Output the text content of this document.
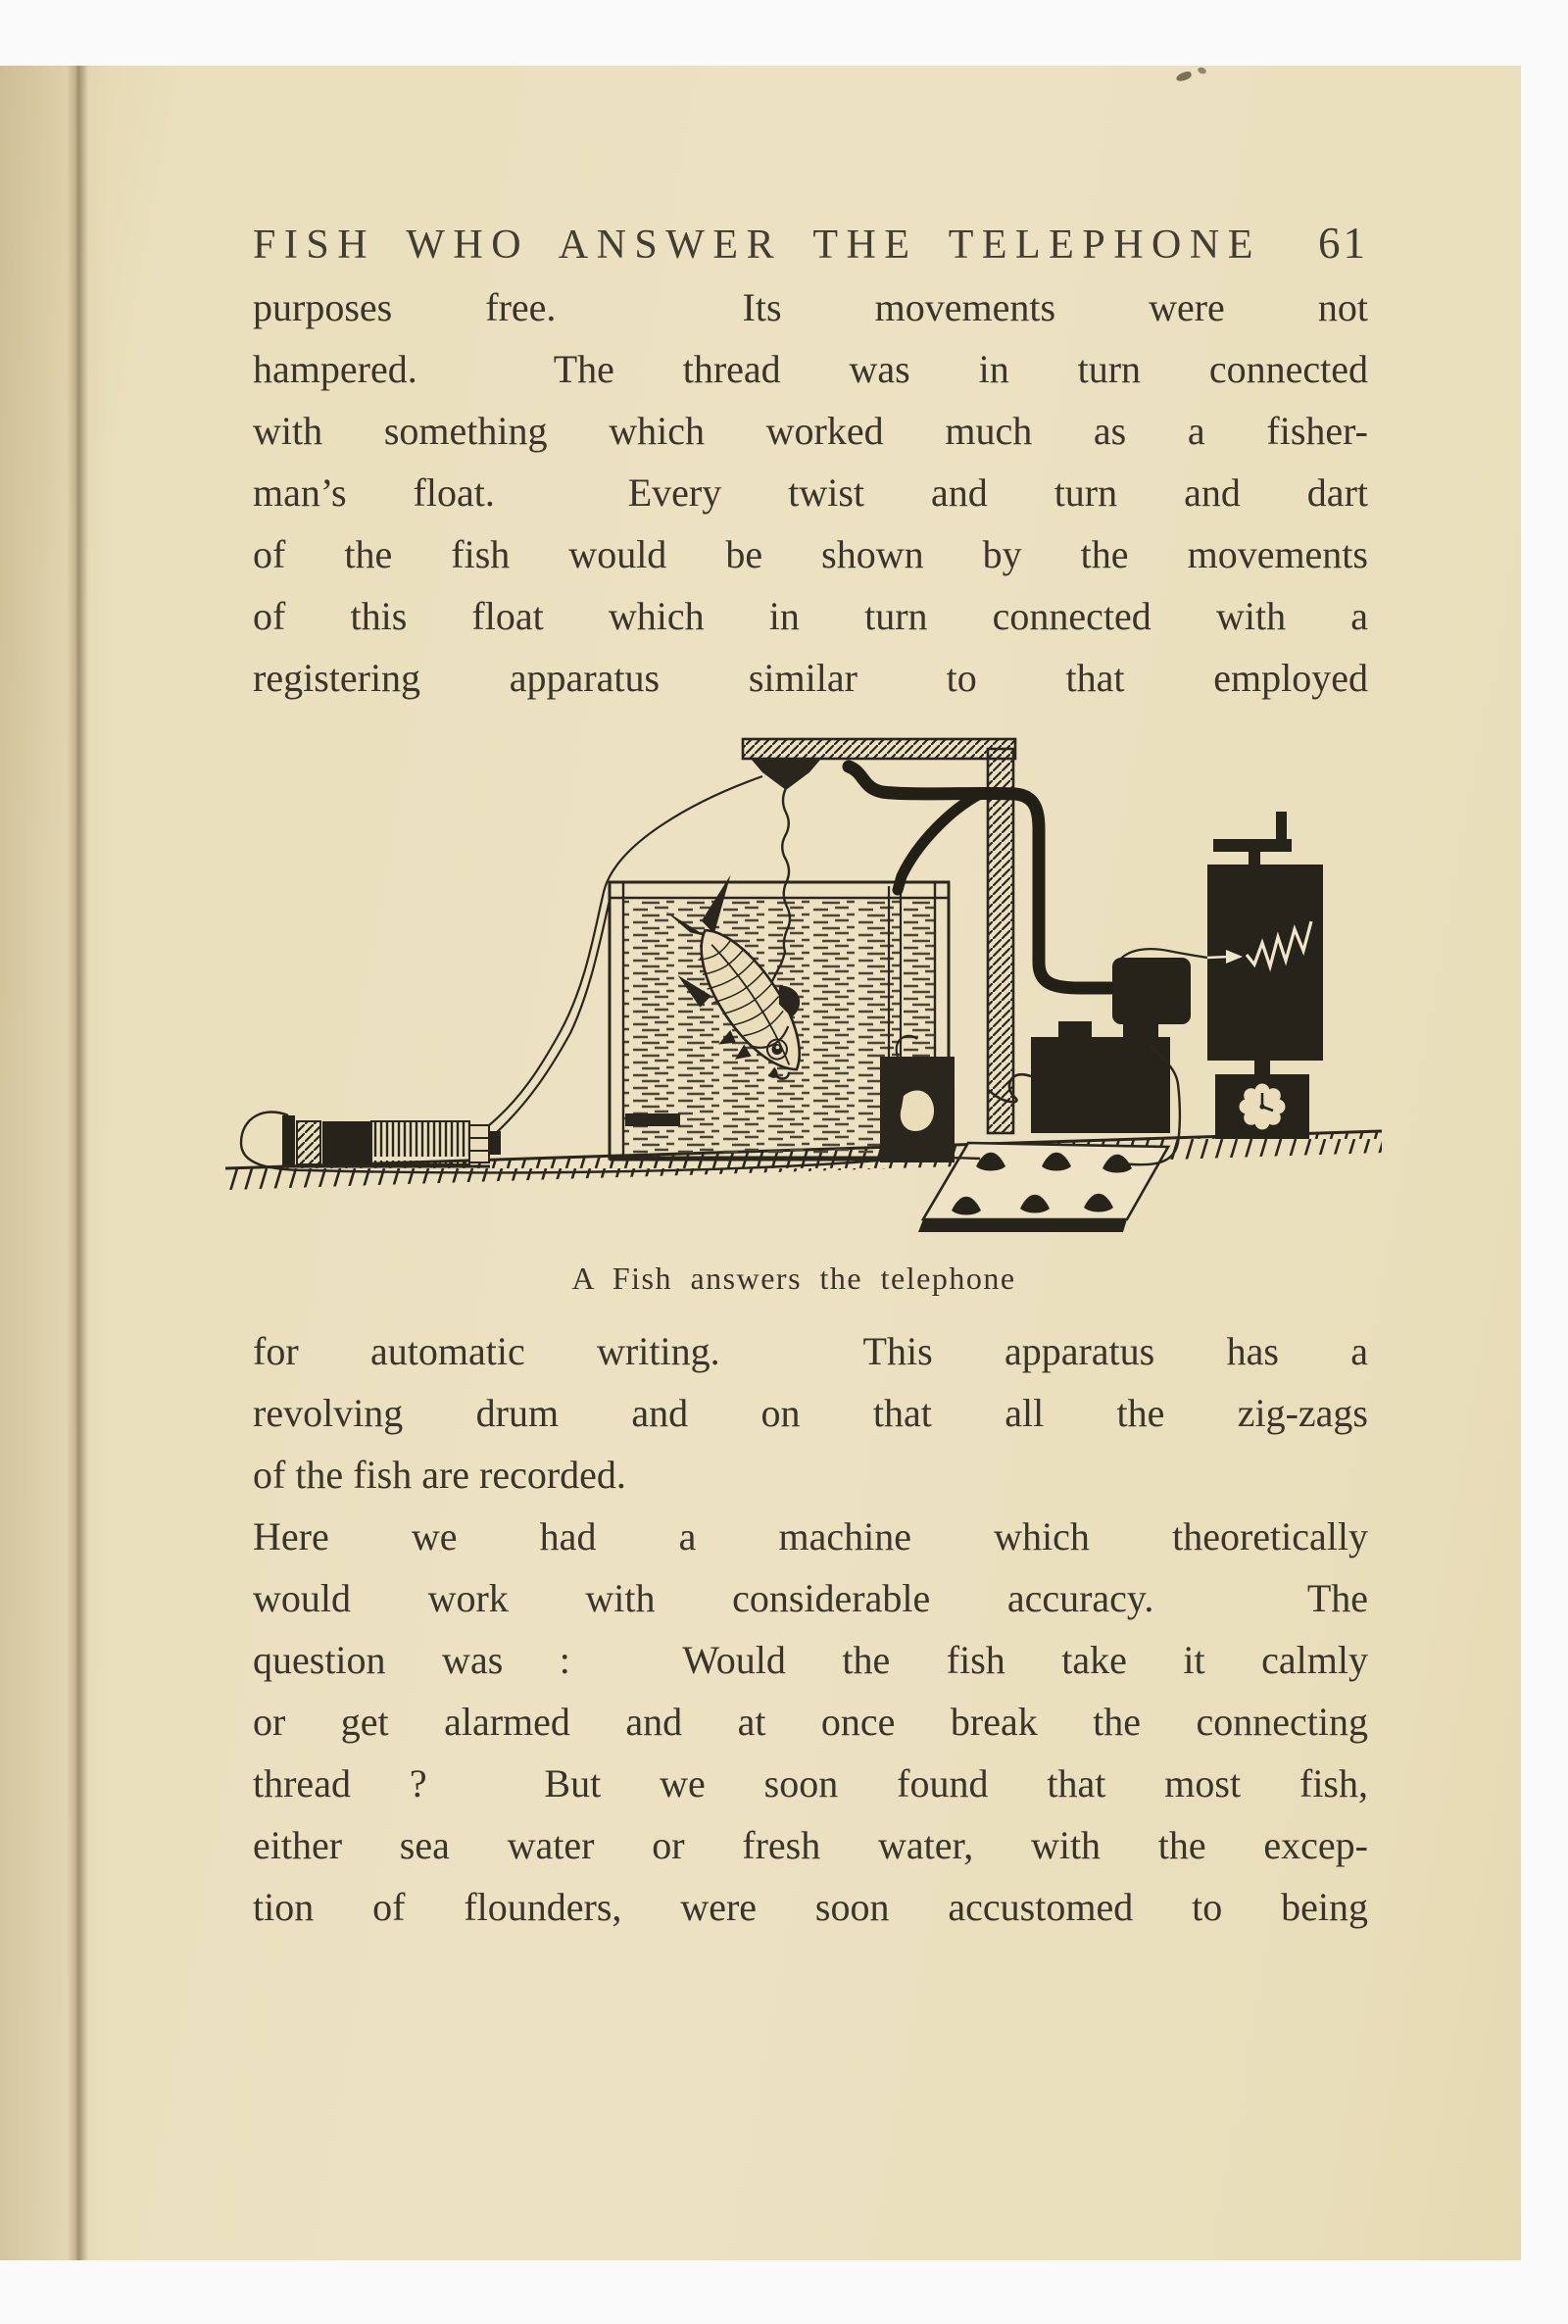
FISH WHO ANSWER THE TELEPHONE 61
purposes free.  Its movements were not
hampered.  The thread was in turn connected
with something which worked much as a fisher-
man’s float.  Every twist and turn and dart
of the fish would be shown by the movements
of this float which in turn connected with a
registering apparatus similar to that employed
A Fish answers the telephone
for automatic writing.  This apparatus has a
revolving drum and on that all the zig-zags
of the fish are recorded.
Here we had a machine which theoretically
would work with considerable accuracy.  The
question was :  Would the fish take it calmly
or get alarmed and at once break the connecting
thread ?  But we soon found that most fish,
either sea water or fresh water, with the excep-
tion of flounders, were soon accustomed to being
